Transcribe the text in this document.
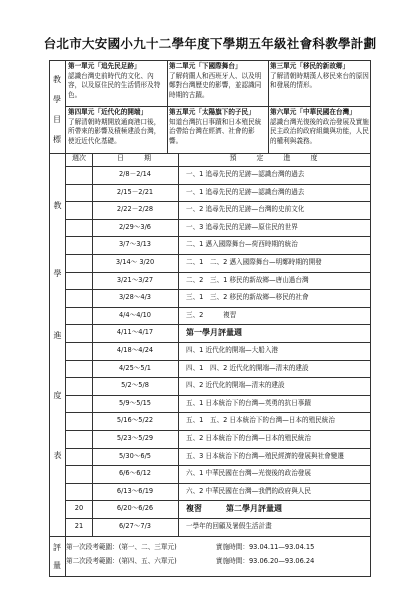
台北市大安國小九十二學年度下學期五年級社會科教學計劃
教
學
目
標
第一單元「追先民足跡」
認識台灣史前時代的文化、內容，以及原住民的生活情形及特色。
第二單元「下國際舞台」
了解荷蘭人和西班牙人、以及明鄭對台灣歷史的影響，並認識同時期的古蹟。
第三單元「移民的新故鄉」
了解清朝時期漢人移民來台的原因和發展的情形。
第四單元「近代化的開端」
了解清朝時期開放通商港口後，所帶來的影響及積極建設台灣，使近近代化基礎。
第五單元「太陽旗下的子民」
知道台灣抗日事蹟和日本殖民統治帶給台灣在經濟、社會的影響。
第六單元「中華民國在台灣」
認識台灣光復後的政治發展及實施民主政治的政府組織與功能，人民的權利與義務。
教
學
進
度
表
週次	日　　期	預　　定　　進　　度
2/8－2/14	一、1 追尋先民的足跡—認識台灣的過去
2/15－2/21	一、1 追尋先民的足跡—認識台灣的過去
2/22－2/28	一、2 追尋先民的足跡—台灣的史前文化
2/29～3/6	一、3 追尋先民的足跡—原住民的世界
3/7～3/13	二、1 邁入國際舞台—荷西時期的統治
3/14～ 3/20	二、1　二、2 邁入國際舞台—明鄭時期的開發
3/21～3/27	二、2　三、1 移民的新故鄉—唐山過台灣
3/28～4/3	三、1　三、2 移民的新故鄉—移民的社會
4/4～4/10	三、2　　　複習
4/11～4/17	第一學月評量週
4/18～4/24	四、1 近代化的開端—大船入港
4/25～5/1	四、1　四、2 近代化的開端—清末的建設
5/2～5/8	四、2 近代化的開端—清末的建設
5/9～5/15	五、1 日本統治下的台灣—英勇的抗日事蹟
5/16～5/22	五、1　五、2 日本統治下的台灣—日本的殖民統治
5/23～5/29	五、2 日本統治下的台灣—日本的殖民統治
5/30～6/5	五、3 日本統治下的台灣—殖民經濟的發展與社會變遷
6/6～6/12	六、1 中華民國在台灣—光復後的政治發展
6/13～6/19	六、2 中華民國在台灣—我們的政府與人民
20	6/20～6/26	複習　　　第二學月評量週
21	6/27～7/3	一學年的回顧及暑假生活計畫
評
量
第一次段考範圍：(第一、二、三單元)	實施時間：93.04.11—93.04.15
第二次段考範圍：(第四、五、六單元)	實施時間：93.06.20—93.06.24
